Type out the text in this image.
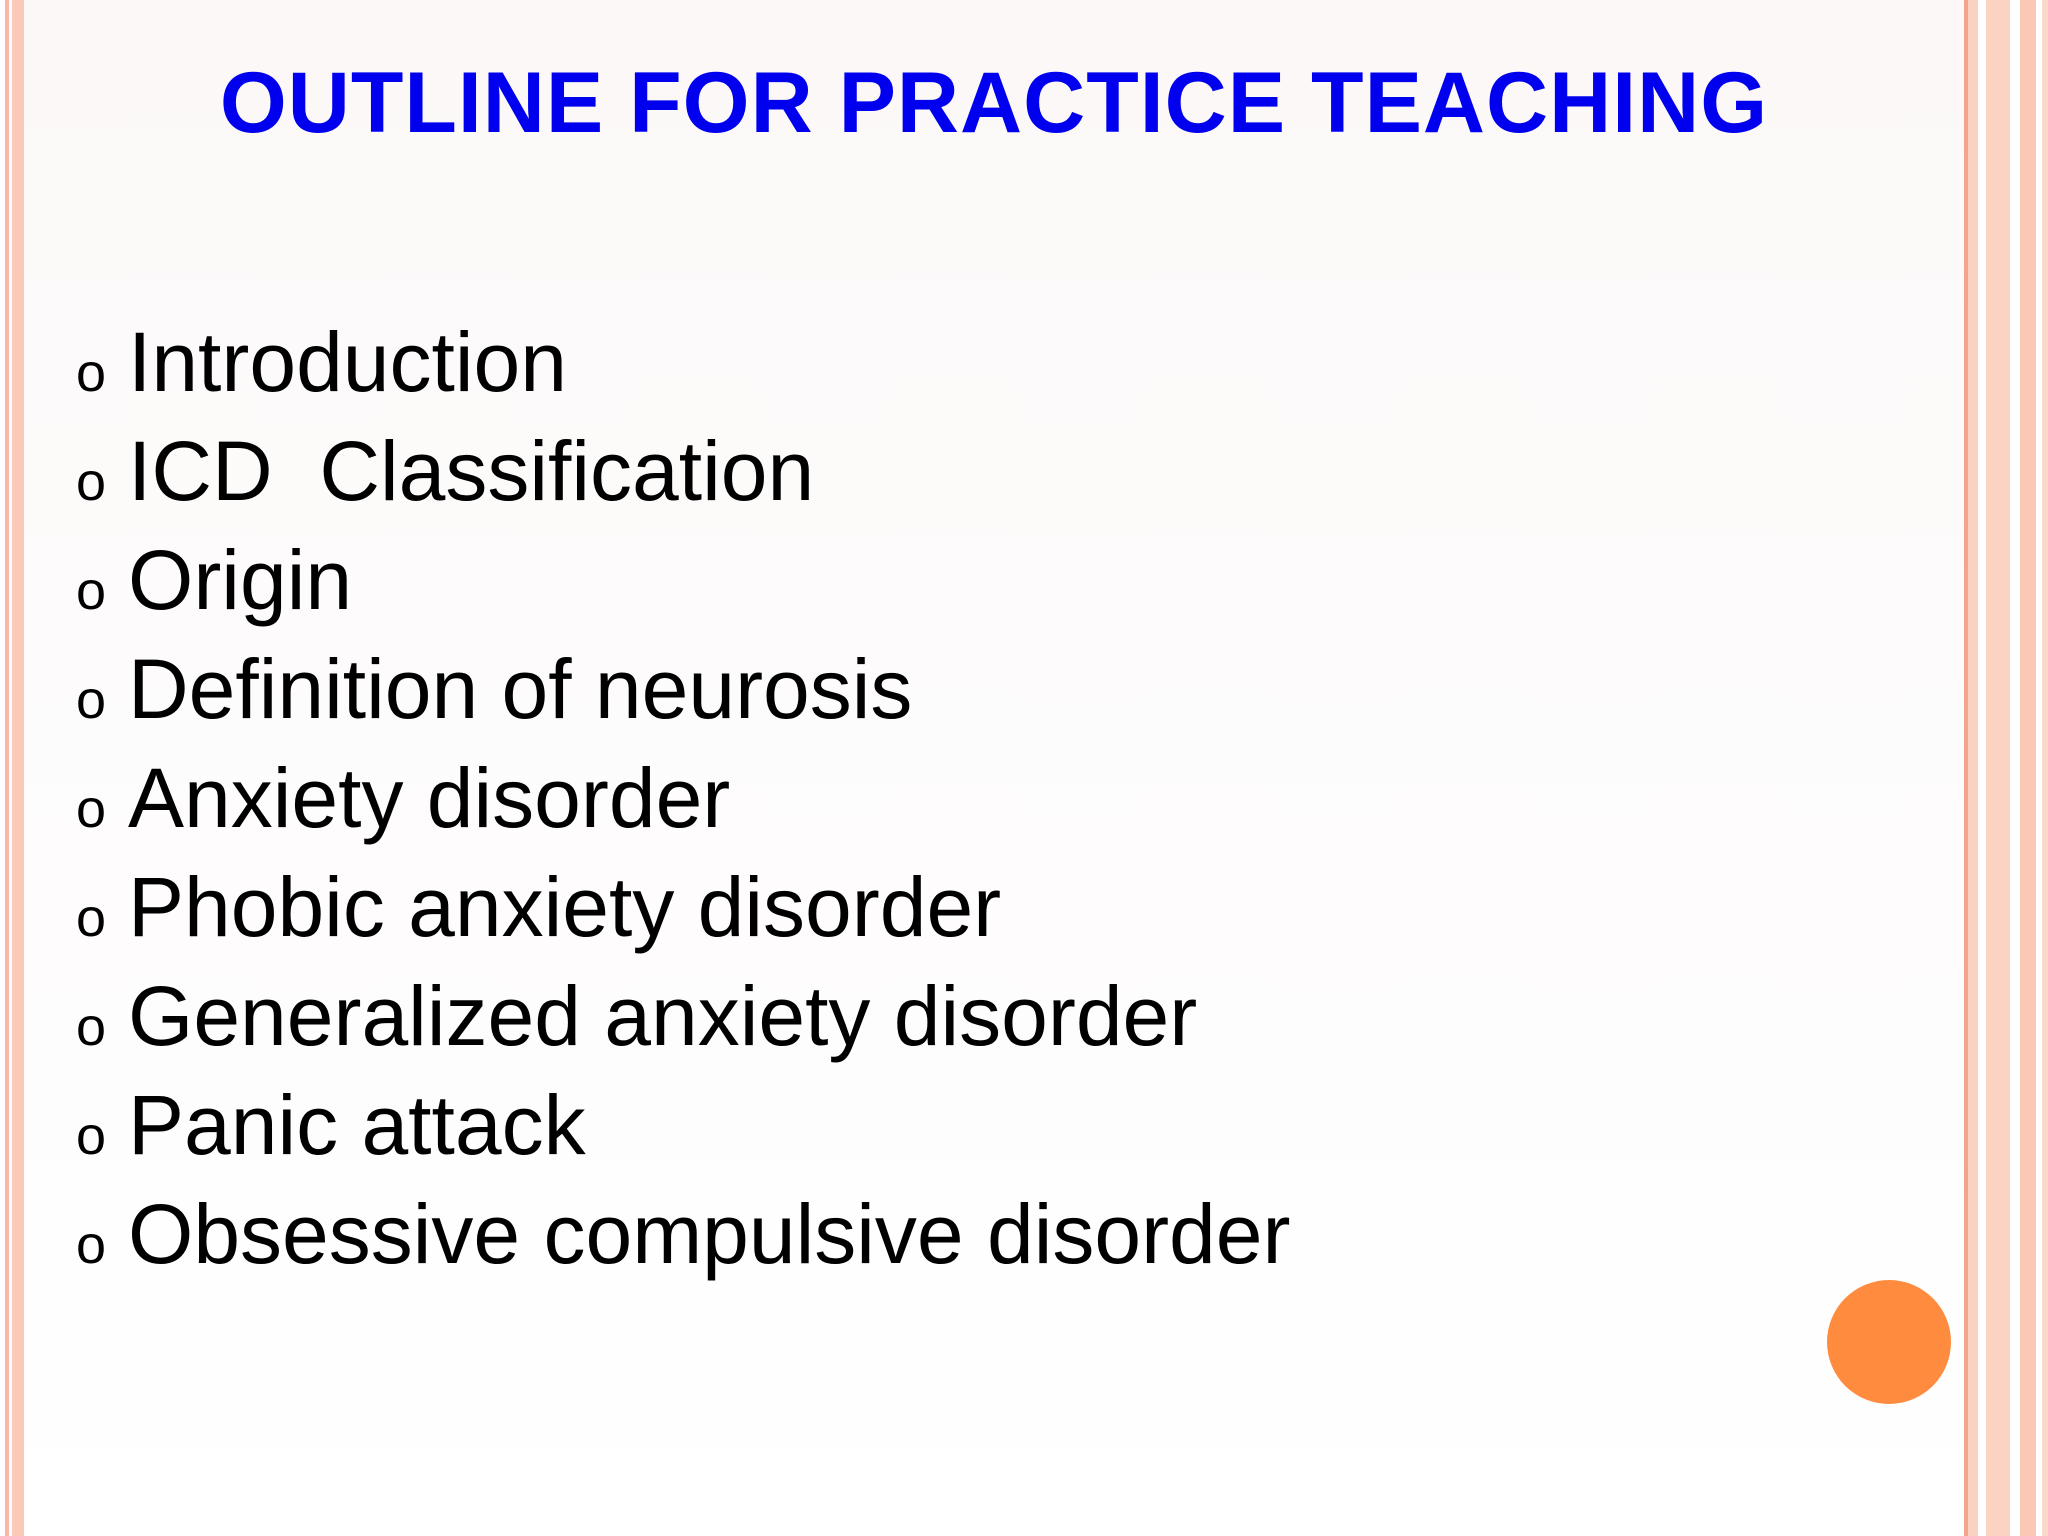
OUTLINE FOR PRACTICE TEACHING
o Introduction
o ICD  Classification
o Origin
o Definition of neurosis
o Anxiety disorder
o Phobic anxiety disorder
o Generalized anxiety disorder
o Panic attack
o Obsessive compulsive disorder
